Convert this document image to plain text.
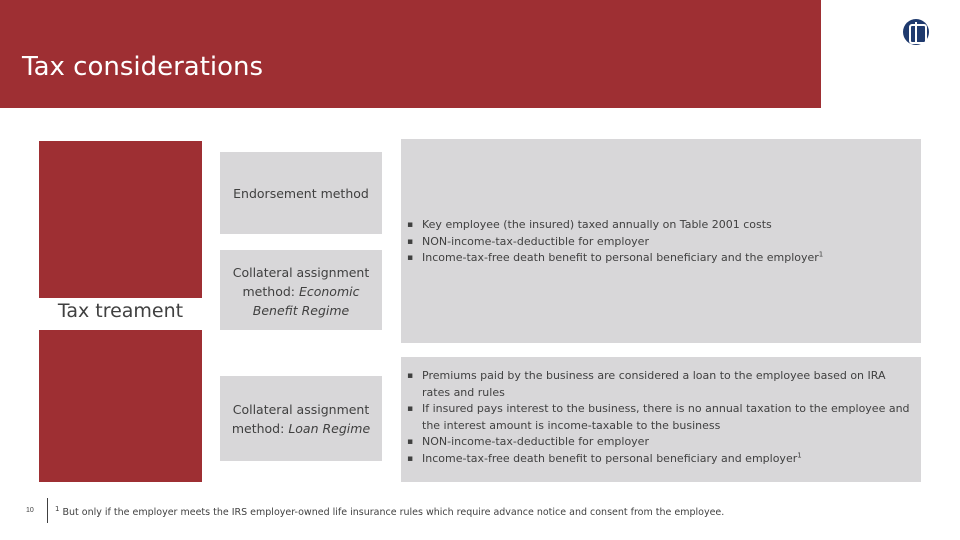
Tax considerations
Tax treament
Endorsement method
Collateral assignment
method: Economic
Benefit Regime
Collateral assignment
method: Loan Regime
▪ Key employee (the insured) taxed annually on Table 2001 costs
▪ NON-income-tax-deductible for employer
▪ Income-tax-free death benefit to personal beneficiary and the employer$^1$
▪ Premiums paid by the business are considered a loan to the employee based on IRA rates and rules
▪ If insured pays interest to the business, there is no annual taxation to the employee and the interest amount is income-taxable to the business
▪ NON-income-tax-deductible for employer
▪ Income-tax-free death benefit to personal beneficiary and employer$^1$
10	$^1$ But only if the employer meets the IRS employer-owned life insurance rules which require advance notice and consent from the employee.
